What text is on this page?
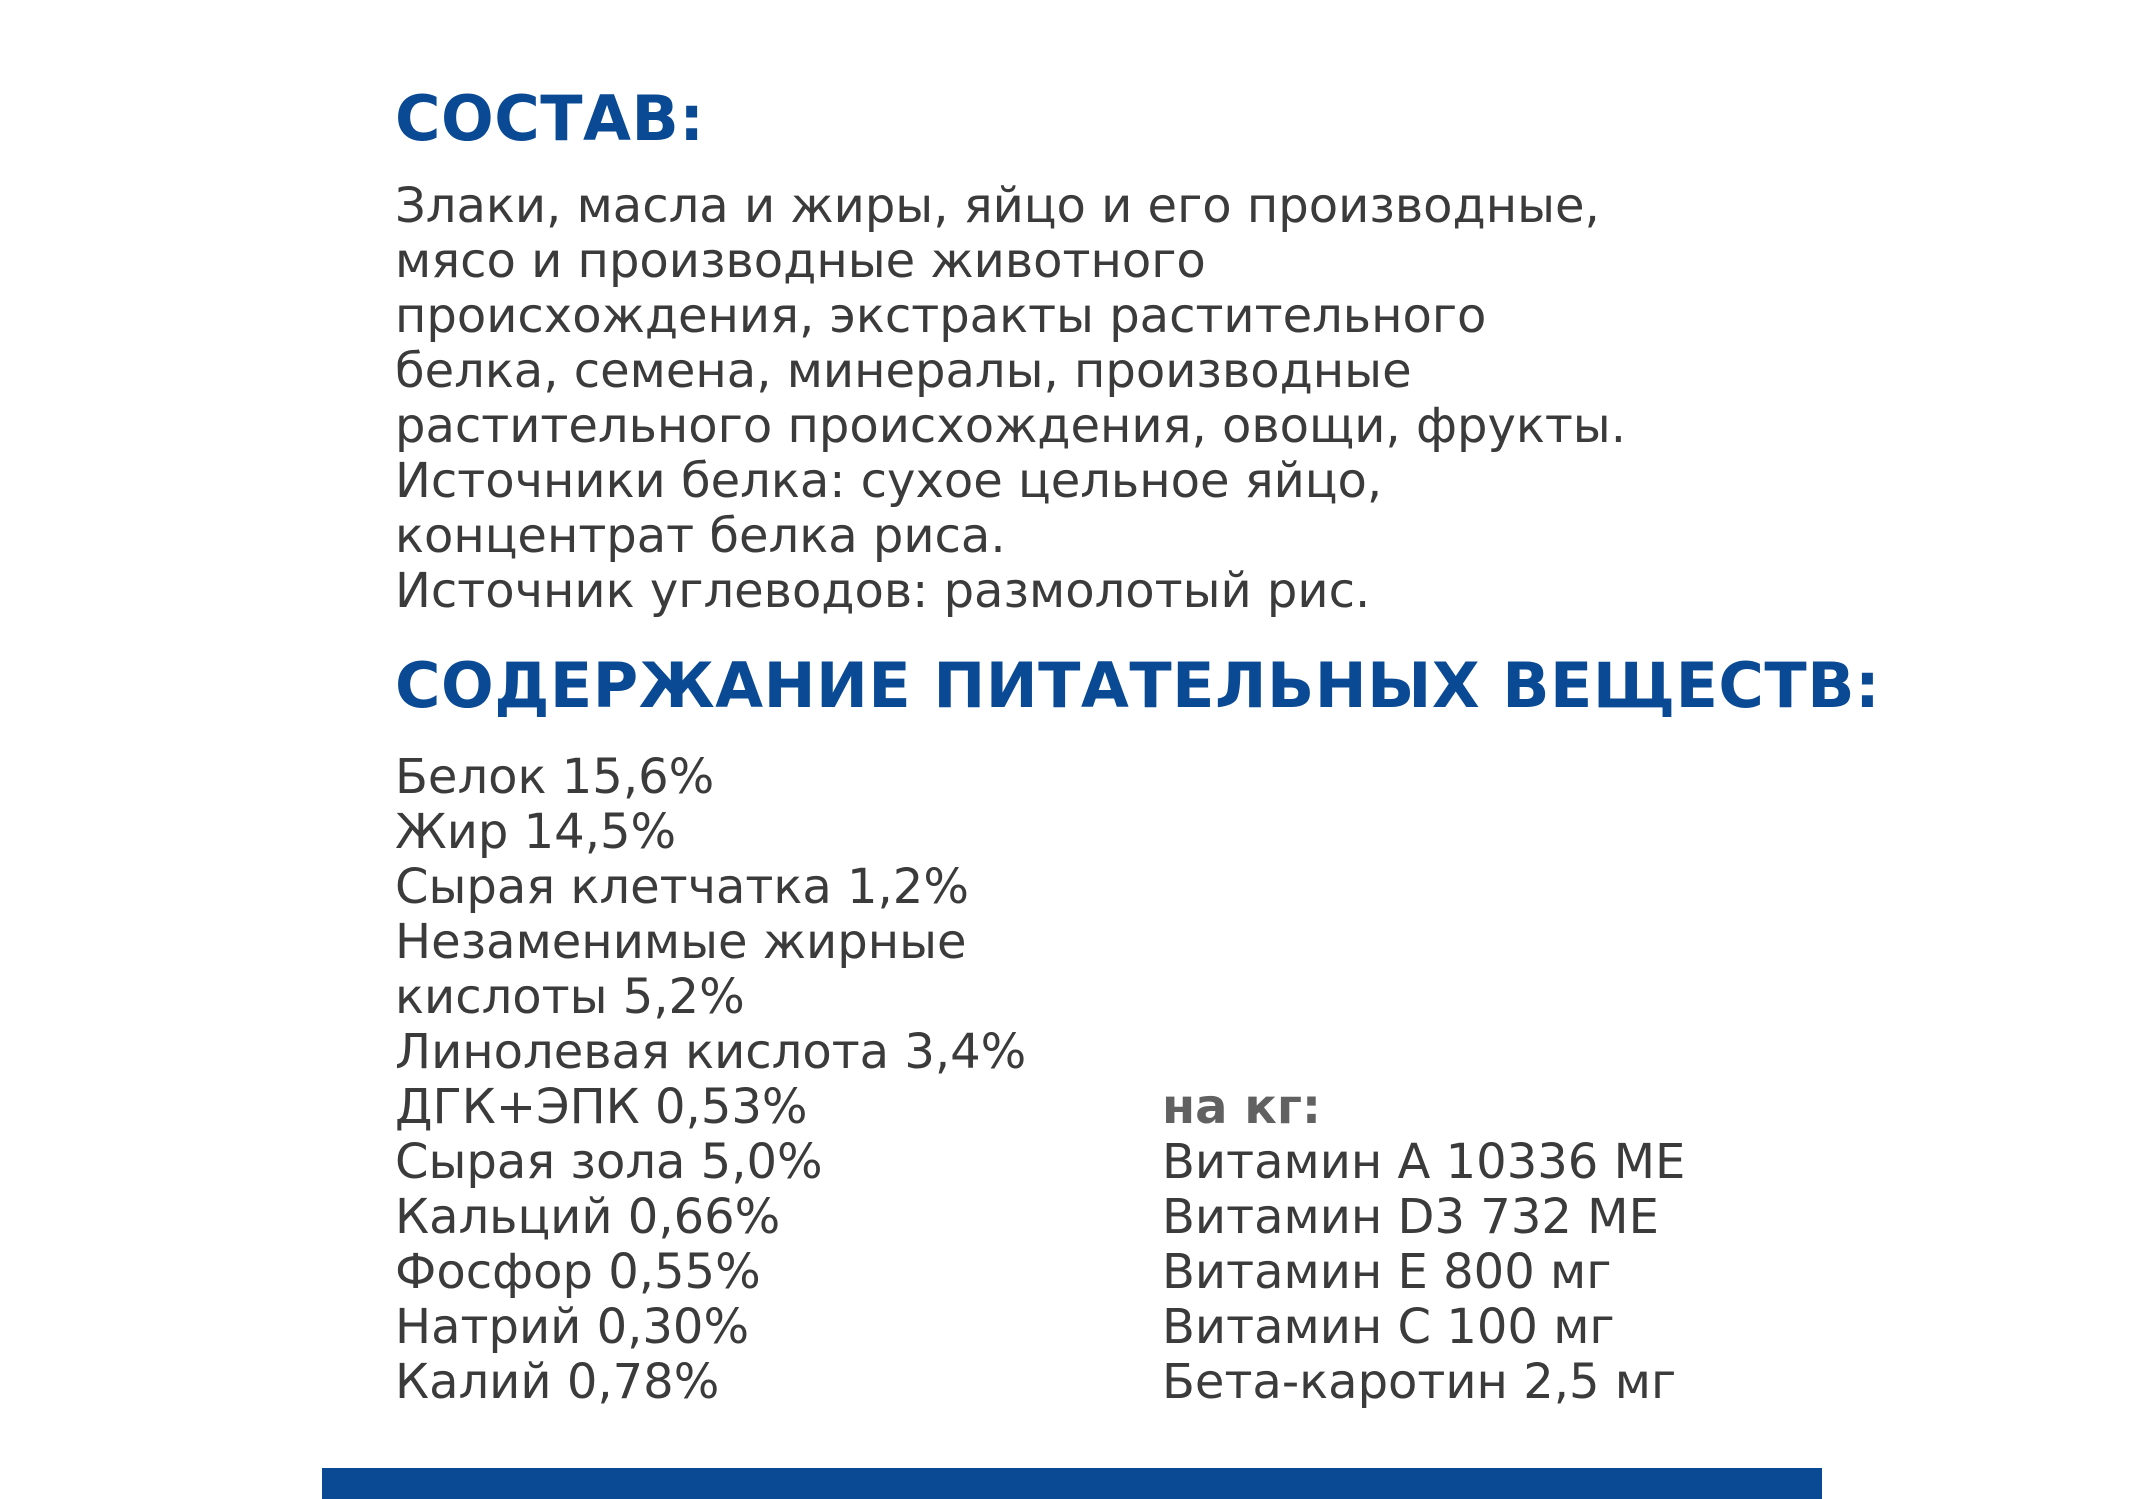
СОСТАВ:
Злаки, масла и жиры, яйцо и его производные,
мясо и производные животного
происхождения, экстракты растительного
белка, семена, минералы, производные
растительного происхождения, овощи, фрукты.
Источники белка: сухое цельное яйцо,
концентрат белка риса.
Источник углеводов: размолотый рис.
СОДЕРЖАНИЕ ПИТАТЕЛЬНЫХ ВЕЩЕСТВ:
Белок 15,6%
Жир 14,5%
Сырая клетчатка 1,2%
Незаменимые жирные
кислоты 5,2%
Линолевая кислота 3,4%
ДГК+ЭПК 0,53%
Сырая зола 5,0%
Кальций 0,66%
Фосфор 0,55%
Натрий 0,30%
Калий 0,78%
на кг:
Витамин А 10336 МЕ
Витамин D3 732 МЕ
Витамин Е 800 мг
Витамин С 100 мг
Бета-каротин 2,5 мг
